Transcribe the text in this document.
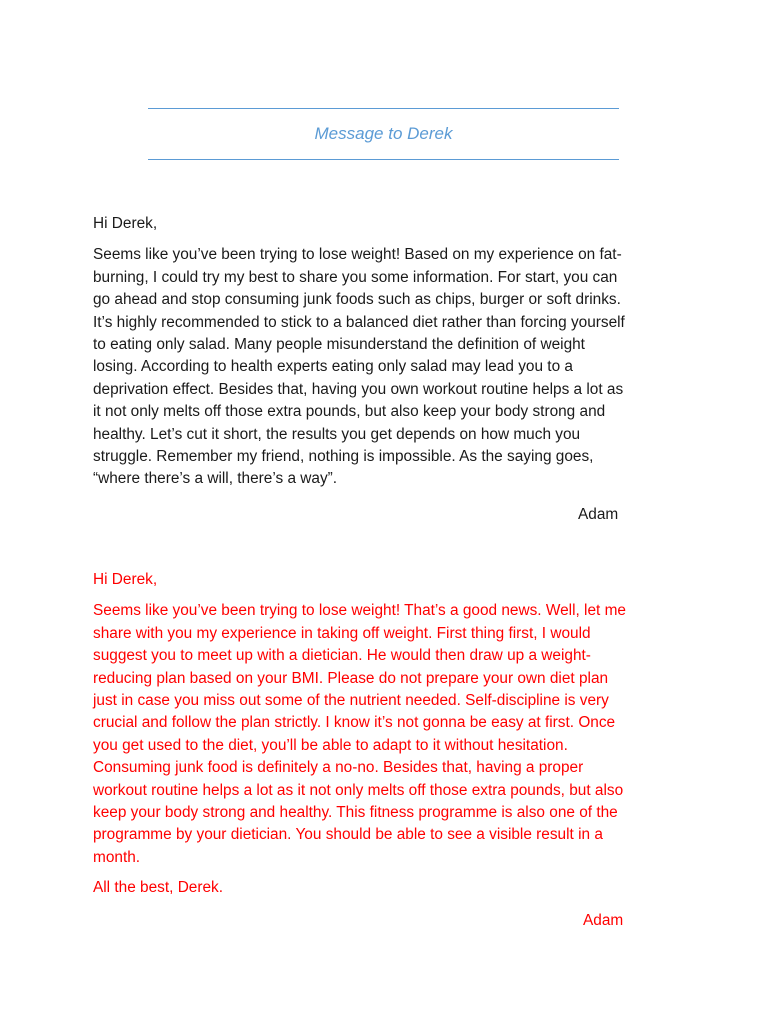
Message to Derek

Hi Derek,

Seems like you’ve been trying to lose weight! Based on my experience on fat-
burning, I could try my best to share you some information. For start, you can
go ahead and stop consuming junk foods such as chips, burger or soft drinks.
It’s highly recommended to stick to a balanced diet rather than forcing yourself
to eating only salad. Many people misunderstand the definition of weight
losing. According to health experts eating only salad may lead you to a
deprivation effect. Besides that, having you own workout routine helps a lot as
it not only melts off those extra pounds, but also keep your body strong and
healthy. Let’s cut it short, the results you get depends on how much you
struggle. Remember my friend, nothing is impossible. As the saying goes,
“where there’s a will, there’s a way”.

Adam

Hi Derek,

Seems like you’ve been trying to lose weight! That’s a good news. Well, let me
share with you my experience in taking off weight. First thing first, I would
suggest you to meet up with a dietician. He would then draw up a weight-
reducing plan based on your BMI. Please do not prepare your own diet plan
just in case you miss out some of the nutrient needed. Self-discipline is very
crucial and follow the plan strictly. I know it’s not gonna be easy at first. Once
you get used to the diet, you’ll be able to adapt to it without hesitation.
Consuming junk food is definitely a no-no. Besides that, having a proper
workout routine helps a lot as it not only melts off those extra pounds, but also
keep your body strong and healthy. This fitness programme is also one of the
programme by your dietician. You should be able to see a visible result in a
month.

All the best, Derek.

Adam
